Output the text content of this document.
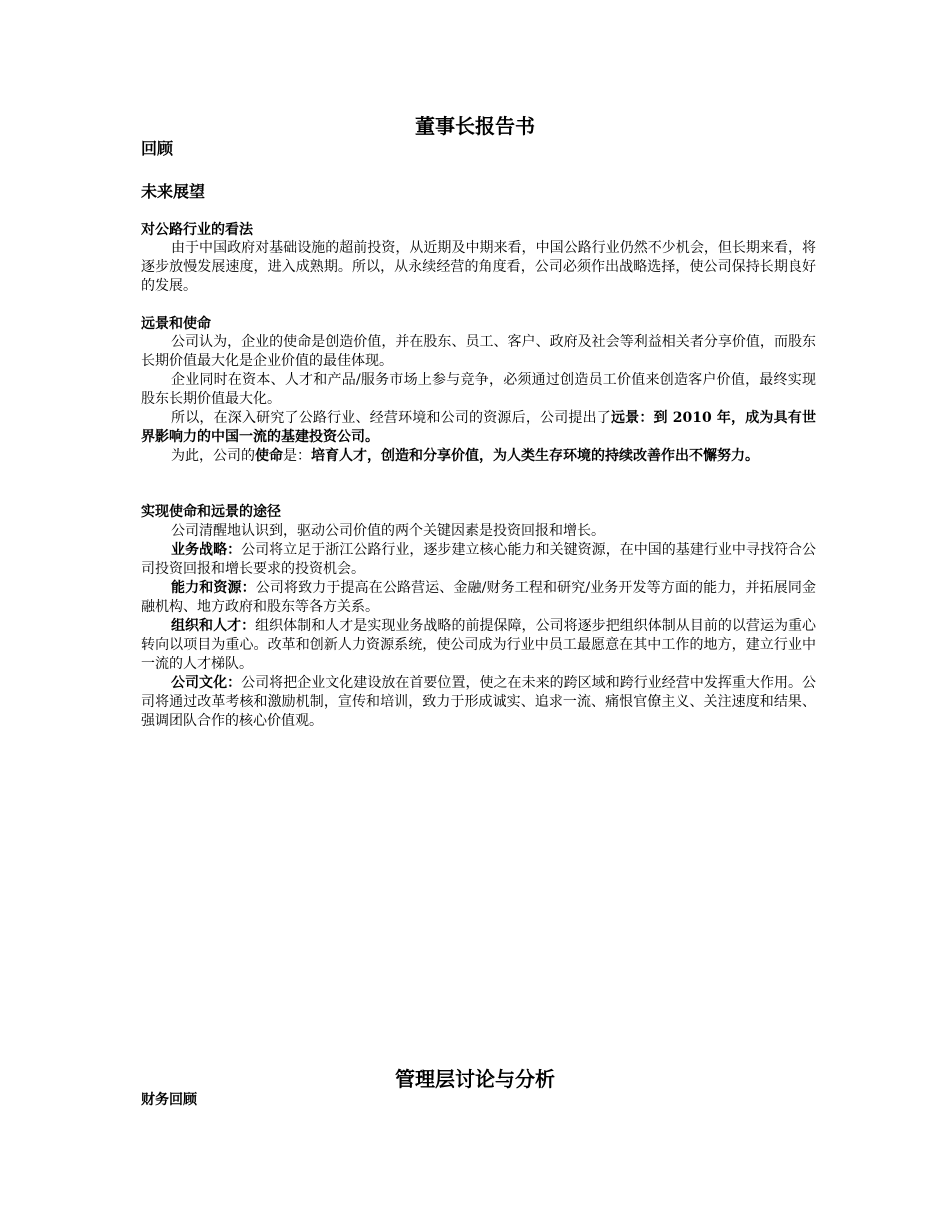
董事长报告书
回顾
未来展望
对公路行业的看法

由于中国政府对基础设施的超前投资，从近期及中期来看，中国公路行业仍然不少机会，但长期来看，将逐步放慢发展速度，进入成熟期。所以，从永续经营的角度看，公司必须作出战略选择，使公司保持长期良好的发展。

远景和使命

公司认为，企业的使命是创造价值，并在股东、员工、客户、政府及社会等利益相关者分享价值，而股东长期价值最大化是企业价值的最佳体现。

企业同时在资本、人才和产品/服务市场上参与竞争，必须通过创造员工价值来创造客户价值，最终实现股东长期价值最大化。

所以，在深入研究了公路行业、经营环境和公司的资源后，公司提出了远景：到 2010 年，成为具有世界影响力的中国一流的基建投资公司。

为此，公司的使命是：培育人才，创造和分享价值，为人类生存环境的持续改善作出不懈努力。

实现使命和远景的途径

公司清醒地认识到，驱动公司价值的两个关键因素是投资回报和增长。

业务战略：公司将立足于浙江公路行业，逐步建立核心能力和关键资源，在中国的基建行业中寻找符合公司投资回报和增长要求的投资机会。

能力和资源：公司将致力于提高在公路营运、金融/财务工程和研究/业务开发等方面的能力，并拓展同金融机构、地方政府和股东等各方关系。

组织和人才：组织体制和人才是实现业务战略的前提保障，公司将逐步把组织体制从目前的以营运为重心转向以项目为重心。改革和创新人力资源系统，使公司成为行业中员工最愿意在其中工作的地方，建立行业中一流的人才梯队。

公司文化：公司将把企业文化建设放在首要位置，使之在未来的跨区域和跨行业经营中发挥重大作用。公司将通过改革考核和激励机制，宣传和培训，致力于形成诚实、追求一流、痛恨官僚主义、关注速度和结果、强调团队合作的核心价值观。

管理层讨论与分析
财务回顾
